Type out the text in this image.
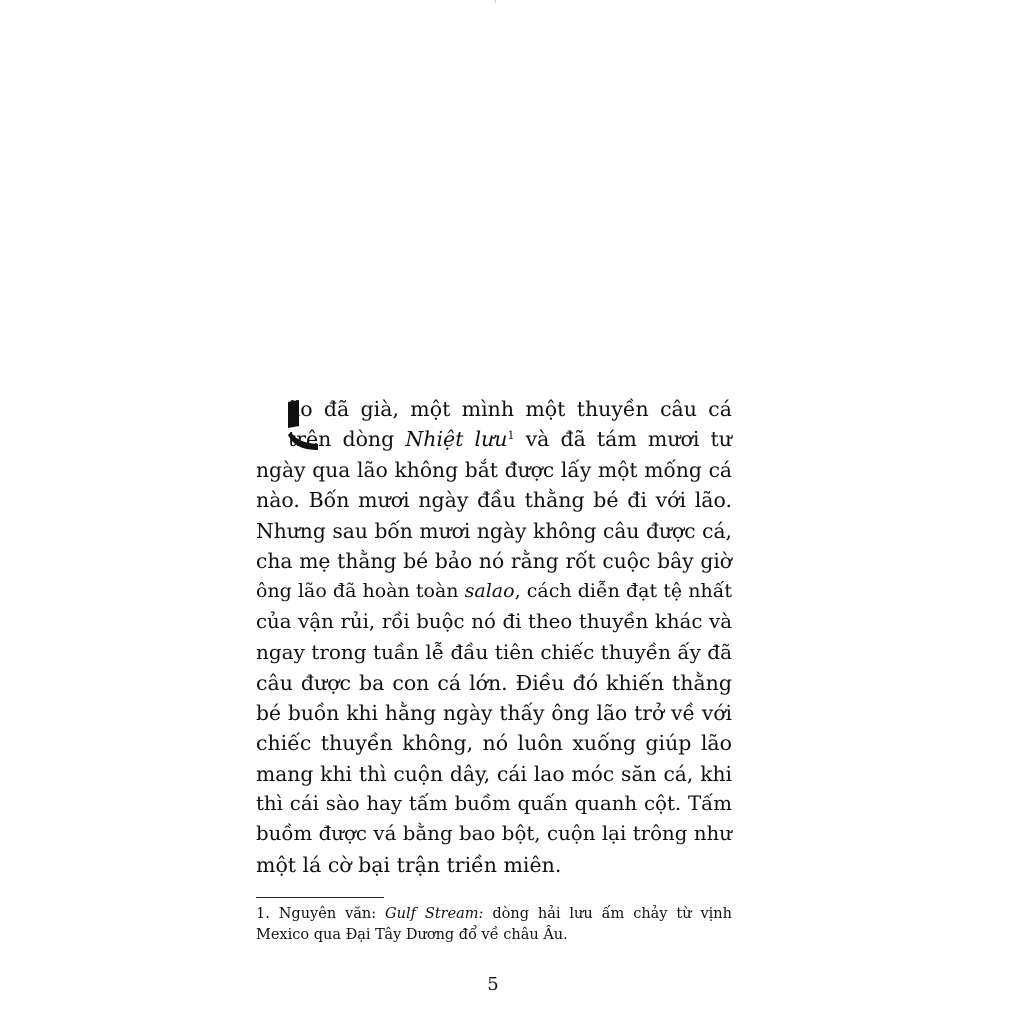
ão đã già, một mình một thuyền câu cá
trên dòng Nhiệt lưu$^1$ và đã tám mươi tư
ngày qua lão không bắt được lấy một mống cá
nào. Bốn mươi ngày đầu thằng bé đi với lão.
Nhưng sau bốn mươi ngày không câu được cá,
cha mẹ thằng bé bảo nó rằng rốt cuộc bây giờ
ông lão đã hoàn toàn salao, cách diễn đạt tệ nhất
của vận rủi, rồi buộc nó đi theo thuyền khác và
ngay trong tuần lễ đầu tiên chiếc thuyền ấy đã
câu được ba con cá lớn. Điều đó khiến thằng
bé buồn khi hằng ngày thấy ông lão trở về với
chiếc thuyền không, nó luôn xuống giúp lão
mang khi thì cuộn dây, cái lao móc săn cá, khi
thì cái sào hay tấm buồm quấn quanh cột. Tấm
buồm được vá bằng bao bột, cuộn lại trông như
một lá cờ bại trận triền miên.
1. Nguyên văn: Gulf Stream: dòng hải lưu ấm chảy từ vịnh
Mexico qua Đại Tây Dương đổ về châu Âu.
5
